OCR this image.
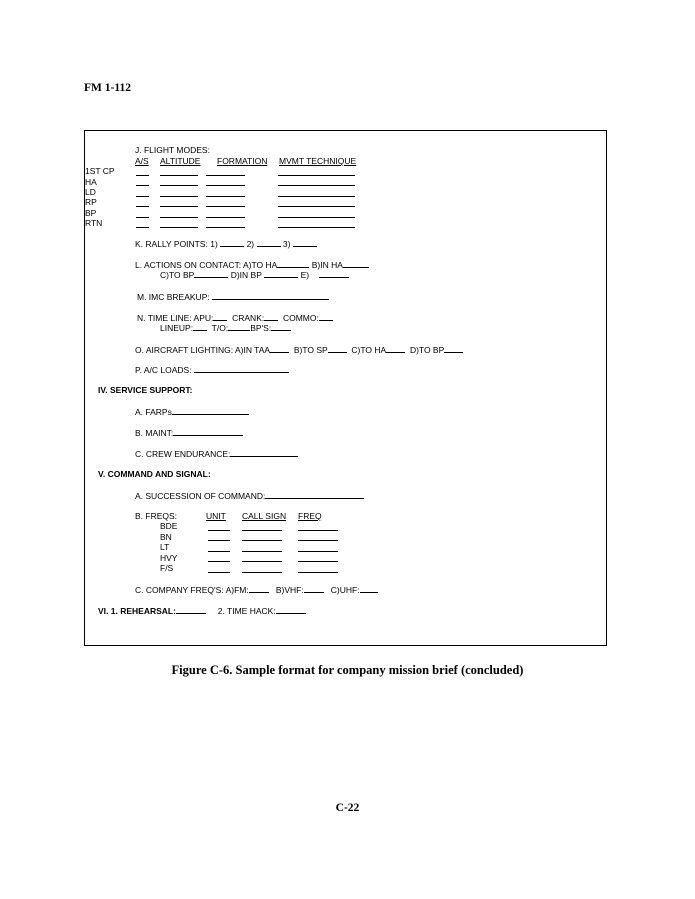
FM 1-112
J. FLIGHT MODES:
A/S ALTITUDE FORMATION MVMT TECHNIQUE
1ST CP
HA
LD
RP
BP
RTN
K. RALLY POINTS: 1)	2)	3)
L. ACTIONS ON CONTACT: A)TO HA	B)IN HA
C)TO BP	D)IN BP	E)
M. IMC BREAKUP:
N. TIME LINE: APU: CRANK: COMMO:
LINEUP: T/O:	BP'S:
O. AIRCRAFT LIGHTING: A)IN TAA	B)TO SP	C)TO HA	D)TO BP
P. A/C LOADS:
IV. SERVICE SUPPORT:
A. FARPs
B. MAINT:
C. CREW ENDURANCE:
V. COMMAND AND SIGNAL:
A. SUCCESSION OF COMMAND:
B. FREQS:	UNIT CALL SIGN FREQ
BDE
BN
LT
HVY
F/S
C. COMPANY FREQ'S: A)FM:	B)VHF:	C)UHF:
VI. 1. REHEARSAL:	2. TIME HACK:
Figure C-6. Sample format for company mission brief (concluded)
C-22
